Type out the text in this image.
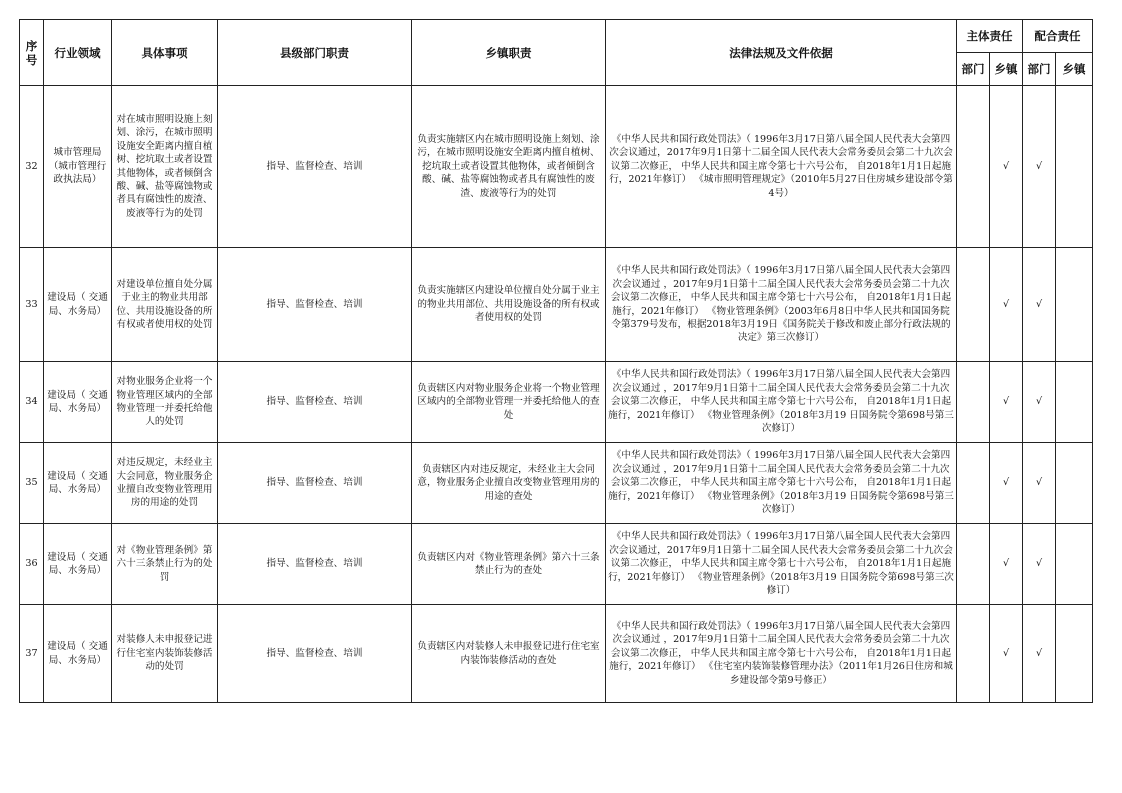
序号	行业领域	具体事项	县级部门职责	乡镇职责	法律法规及文件依据	主体责任		配合责任	
						部门	乡镇	部门	乡镇
32	城市管理局（城市管理行政执法局）	对在城市照明设施上刻划、涂污，在城市照明设施安全距离内擅自植树、挖坑取土或者设置其他物体，或者倾倒含酸、碱、盐等腐蚀物或者具有腐蚀性的废渣、废液等行为的处罚	指导、监督检查、培训	负责实施辖区内在城市照明设施上刻划、涂污，在城市照明设施安全距离内擅自植树、挖坑取土或者设置其他物体，或者倾倒含酸、碱、盐等腐蚀物或者具有腐蚀性的废渣、废液等行为的处罚	《中华人民共和国行政处罚法》（ 1996年3月17日第八届全国人民代表大会第四次会议通过，2017年9月1日第十二届全国人民代表大会常务委员会第二十九次会议第二次修正， 中华人民共和国主席令第七十六号公布， 自2018年1月1日起施行，2021年修订） 《城市照明管理规定》（2010年5月27日住房城乡建设部令第4号）		√	√	
33	建设局（ 交通局、水务局）	对建设单位擅自处分属于业主的物业共用部位、共用设施设备的所有权或者使用权的处罚	指导、监督检查、培训	负责实施辖区内建设单位擅自处分属于业主的物业共用部位、共用设施设备的所有权或者使用权的处罚	《中华人民共和国行政处罚法》（ 1996年3月17日第八届全国人民代表大会第四次会议通过 ，2017年9月1日第十二届全国人民代表大会常务委员会第二十九次会议第二次修正， 中华人民共和国主席令第七十六号公布， 自2018年1月1日起施行，2021年修订） 《物业管理条例》（2003年6月8日中华人民共和国国务院令第379号发布，根据2018年3月19日《国务院关于修改和废止部分行政法规的决定》第三次修订）		√	√	
34	建设局（ 交通局、水务局）	对物业服务企业将一个物业管理区域内的全部物业管理一并委托给他人的处罚	指导、监督检查、培训	负责辖区内对物业服务企业将一个物业管理区域内的全部物业管理一并委托给他人的查处	《中华人民共和国行政处罚法》（ 1996年3月17日第八届全国人民代表大会第四次会议通过 ，2017年9月1日第十二届全国人民代表大会常务委员会第二十九次会议第二次修正， 中华人民共和国主席令第七十六号公布， 自2018年1月1日起施行，2021年修订） 《物业管理条例》（2018年3月19 日国务院令第698号第三次修订）		√	√	
35	建设局（ 交通局、水务局）	对违反规定，未经业主大会同意，物业服务企业擅自改变物业管理用房的用途的处罚	指导、监督检查、培训	负责辖区内对违反规定，未经业主大会同意，物业服务企业擅自改变物业管理用房的用途的查处	《中华人民共和国行政处罚法》（ 1996年3月17日第八届全国人民代表大会第四次会议通过 ，2017年9月1日第十二届全国人民代表大会常务委员会第二十九次会议第二次修正， 中华人民共和国主席令第七十六号公布， 自2018年1月1日起施行，2021年修订） 《物业管理条例》（2018年3月19 日国务院令第698号第三次修订）		√	√	
36	建设局（ 交通局、水务局）	对《物业管理条例》第六十三条禁止行为的处罚	指导、监督检查、培训	负责辖区内对《物业管理条例》第六十三条禁止行为的查处	《中华人民共和国行政处罚法》（ 1996年3月17日第八届全国人民代表大会第四次会议通过，2017年9月1日第十二届全国人民代表大会常务委员会第二十九次会议第二次修正， 中华人民共和国主席令第七十六号公布， 自2018年1月1日起施行，2021年修订） 《物业管理条例》（2018年3月19 日国务院令第698号第三次修订）		√	√	
37	建设局（ 交通局、水务局）	对装修人未申报登记进行住宅室内装饰装修活动的处罚	指导、监督检查、培训	负责辖区内对装修人未申报登记进行住宅室内装饰装修活动的查处	《中华人民共和国行政处罚法》（ 1996年3月17日第八届全国人民代表大会第四次会议通过 ，2017年9月1日第十二届全国人民代表大会常务委员会第二十九次会议第二次修正， 中华人民共和国主席令第七十六号公布， 自2018年1月1日起施行，2021年修订） 《住宅室内装饰装修管理办法》（2011年1月26日住房和城乡建设部令第9号修正）		√	√	
